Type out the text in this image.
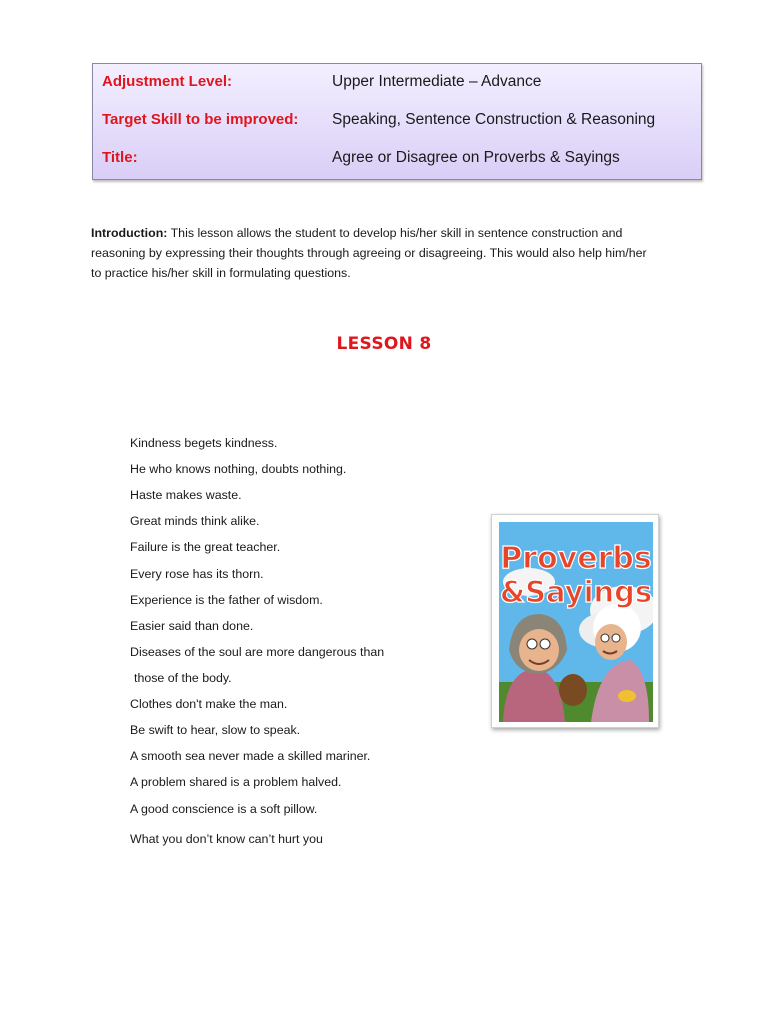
Adjustment Level:	Upper Intermediate – Advance
Target Skill to be improved: Speaking, Sentence Construction & Reasoning
Title:	Agree or Disagree on Proverbs & Sayings
Introduction: This lesson allows the student to develop his/her skill in sentence construction and
reasoning by expressing their thoughts through agreeing or disagreeing. This would also help him/her
to practice his/her skill in formulating questions.
LESSON 8
Kindness begets kindness.
He who knows nothing, doubts nothing.
Haste makes waste.
Great minds think alike.
Failure is the great teacher.
Every rose has its thorn.
Experience is the father of wisdom.
Easier said than done.
Diseases of the soul are more dangerous than
those of the body.
Clothes don't make the man.
Be swift to hear, slow to speak.
A smooth sea never made a skilled mariner.
A problem shared is a problem halved.
A good conscience is a soft pillow.
What you don’t know can’t hurt you
Proverbs
&Sayings
